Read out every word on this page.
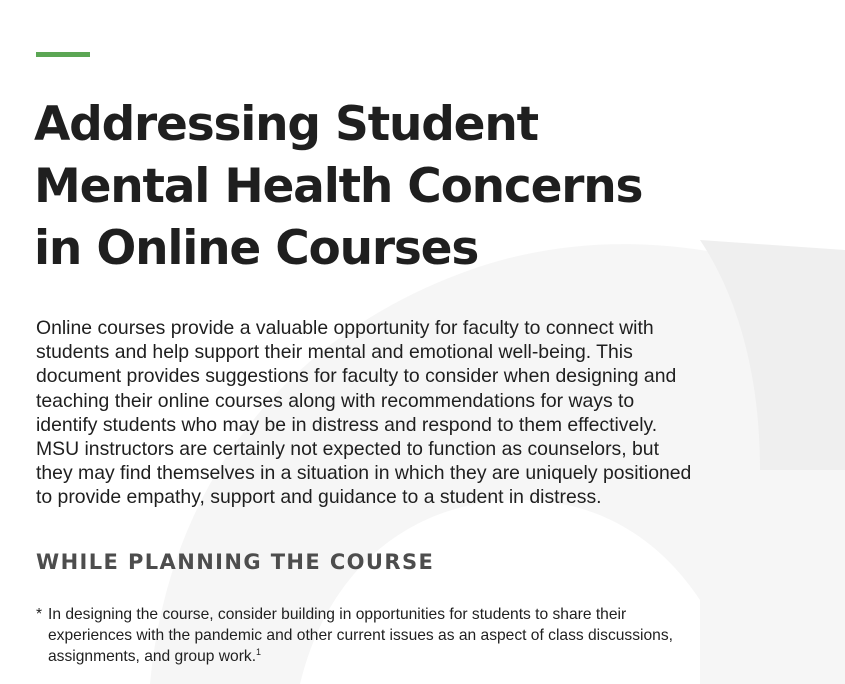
Addressing Student
Mental Health Concerns
in Online Courses

Online courses provide a valuable opportunity for faculty to connect with
students and help support their mental and emotional well-being. This
document provides suggestions for faculty to consider when designing and
teaching their online courses along with recommendations for ways to
identify students who may be in distress and respond to them effectively.
MSU instructors are certainly not expected to function as counselors, but
they may find themselves in a situation in which they are uniquely positioned
to provide empathy, support and guidance to a student in distress.

WHILE PLANNING THE COURSE
* In designing the course, consider building in opportunities for students to share their
experiences with the pandemic and other current issues as an aspect of class discussions,
assignments, and group work.$^1$
